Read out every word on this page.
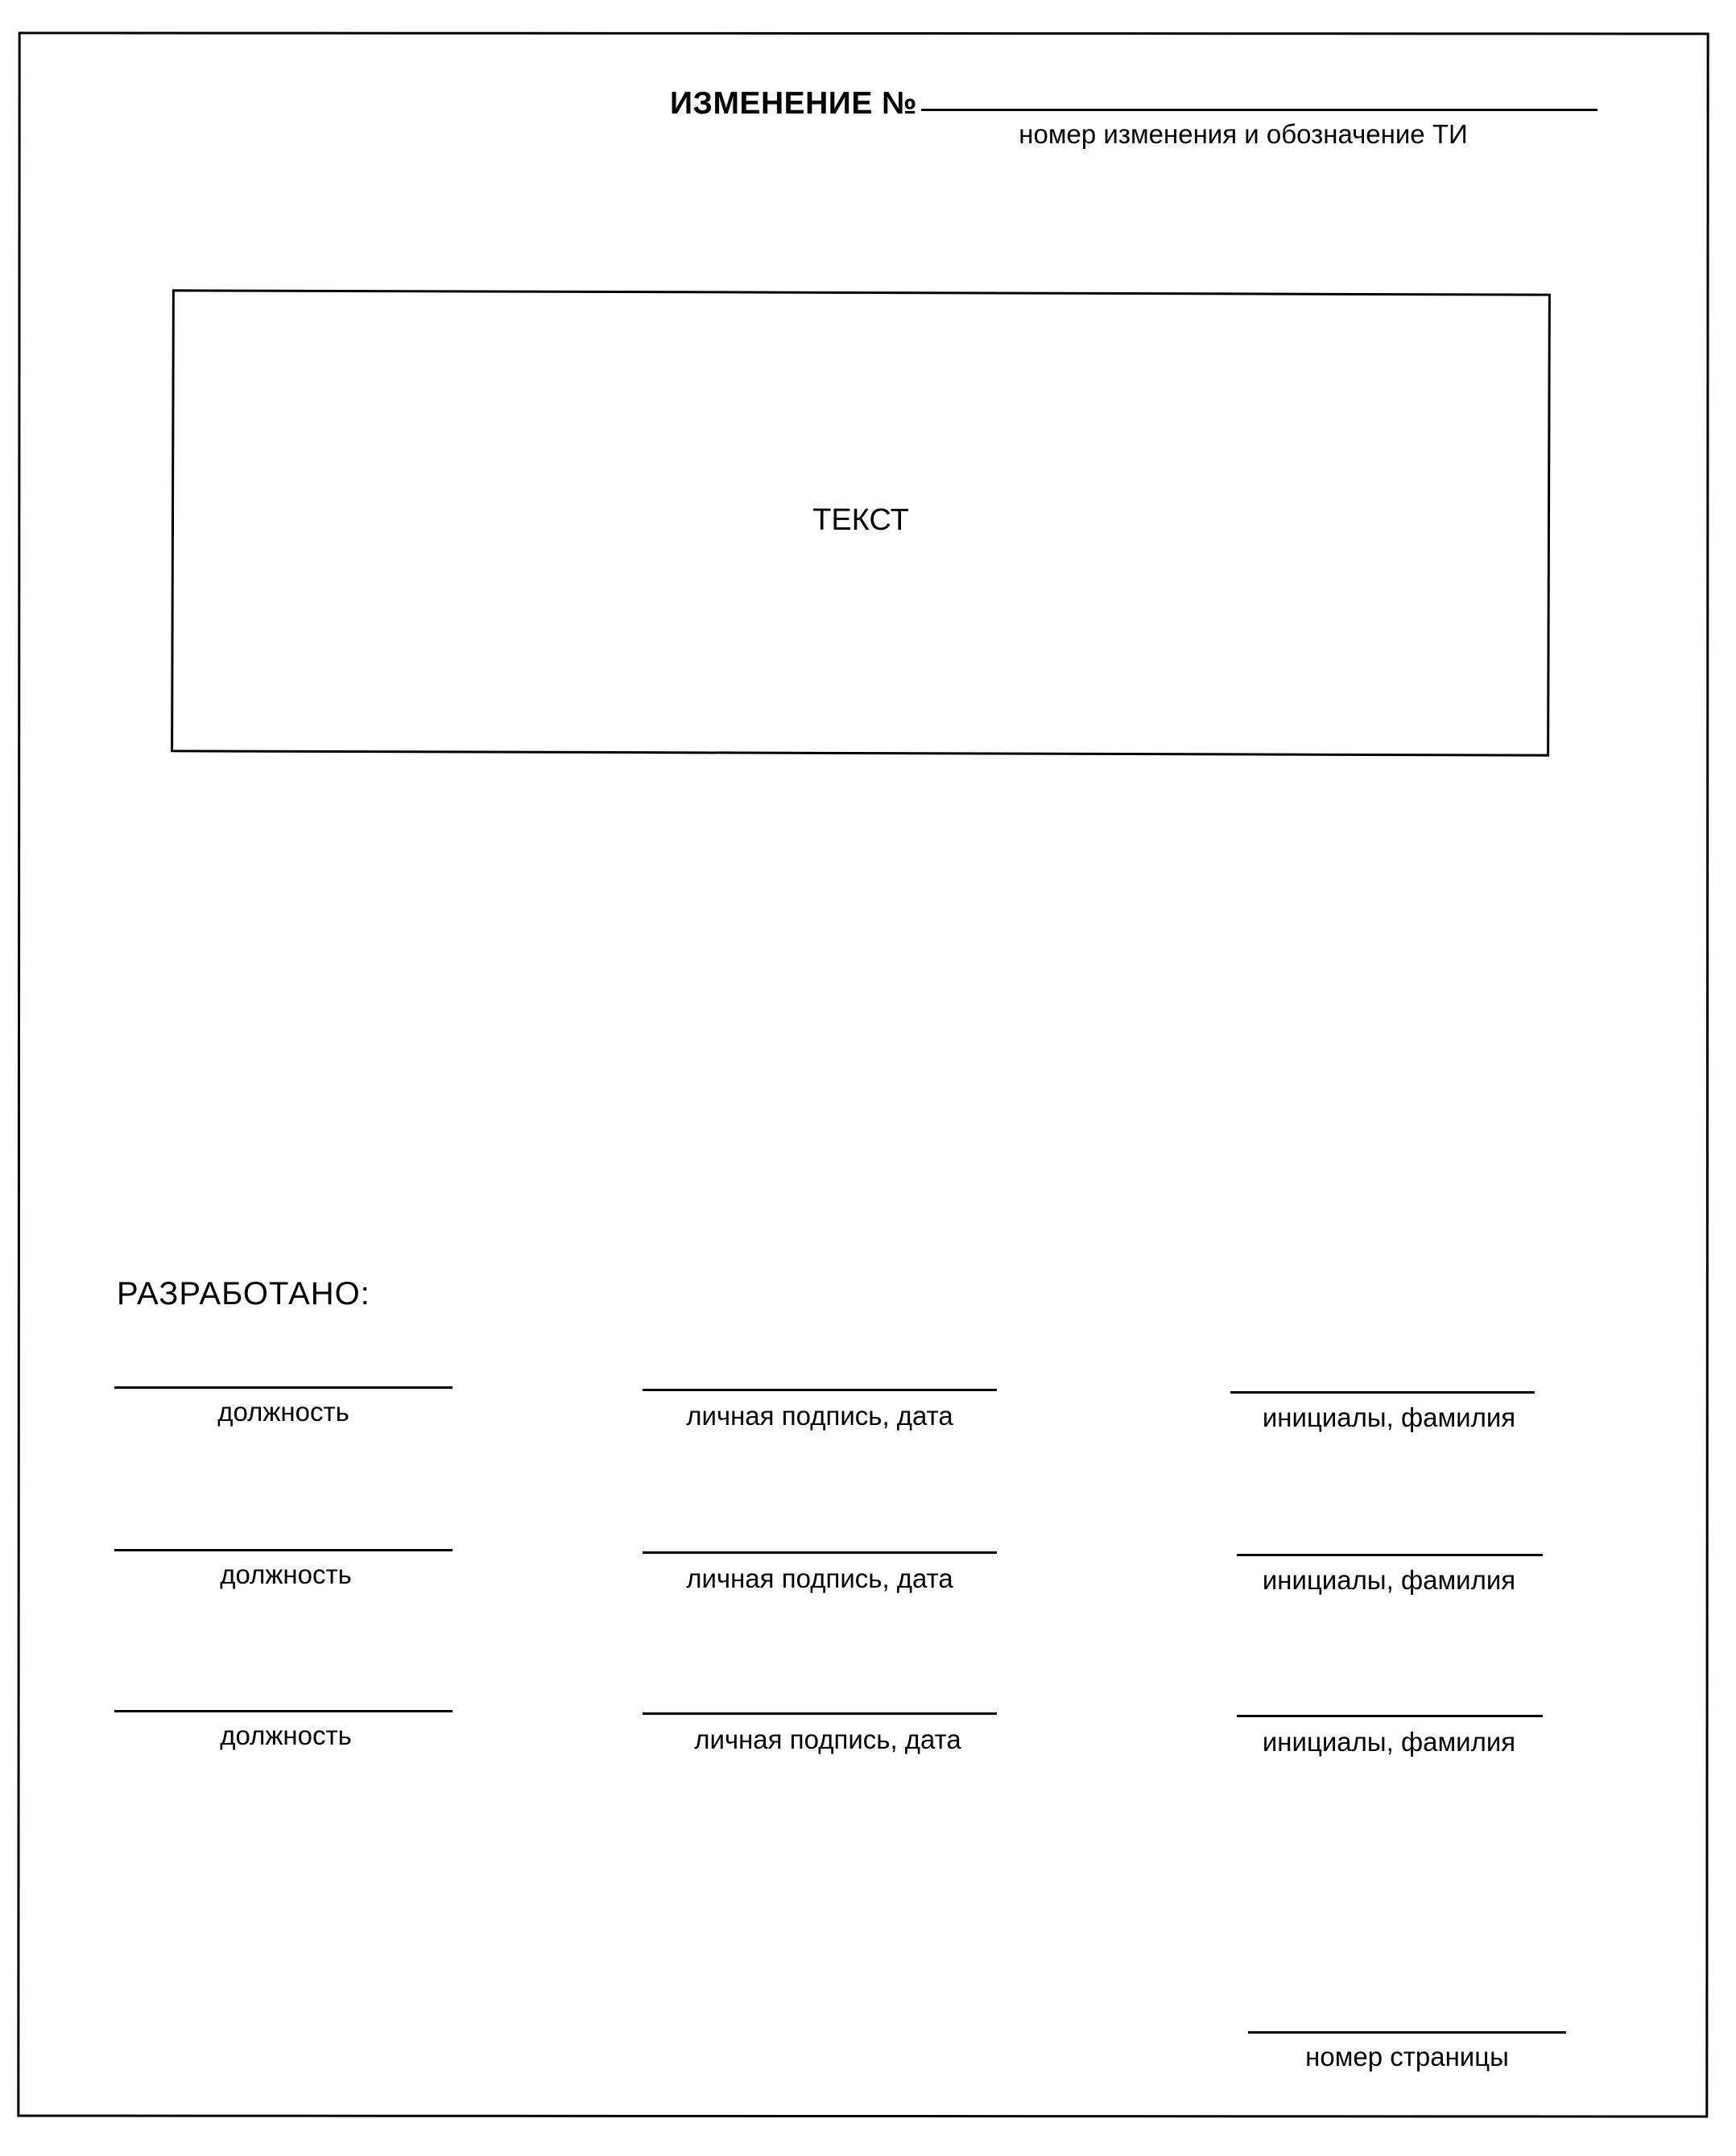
ИЗМЕНЕНИЕ №
номер изменения и обозначение ТИ
ТЕКСТ
РАЗРАБОТАНО:
должность	личная подпись, дата	инициалы, фамилия
должность	личная подпись, дата	инициалы, фамилия
должность	личная подпись, дата	инициалы, фамилия
номер страницы
